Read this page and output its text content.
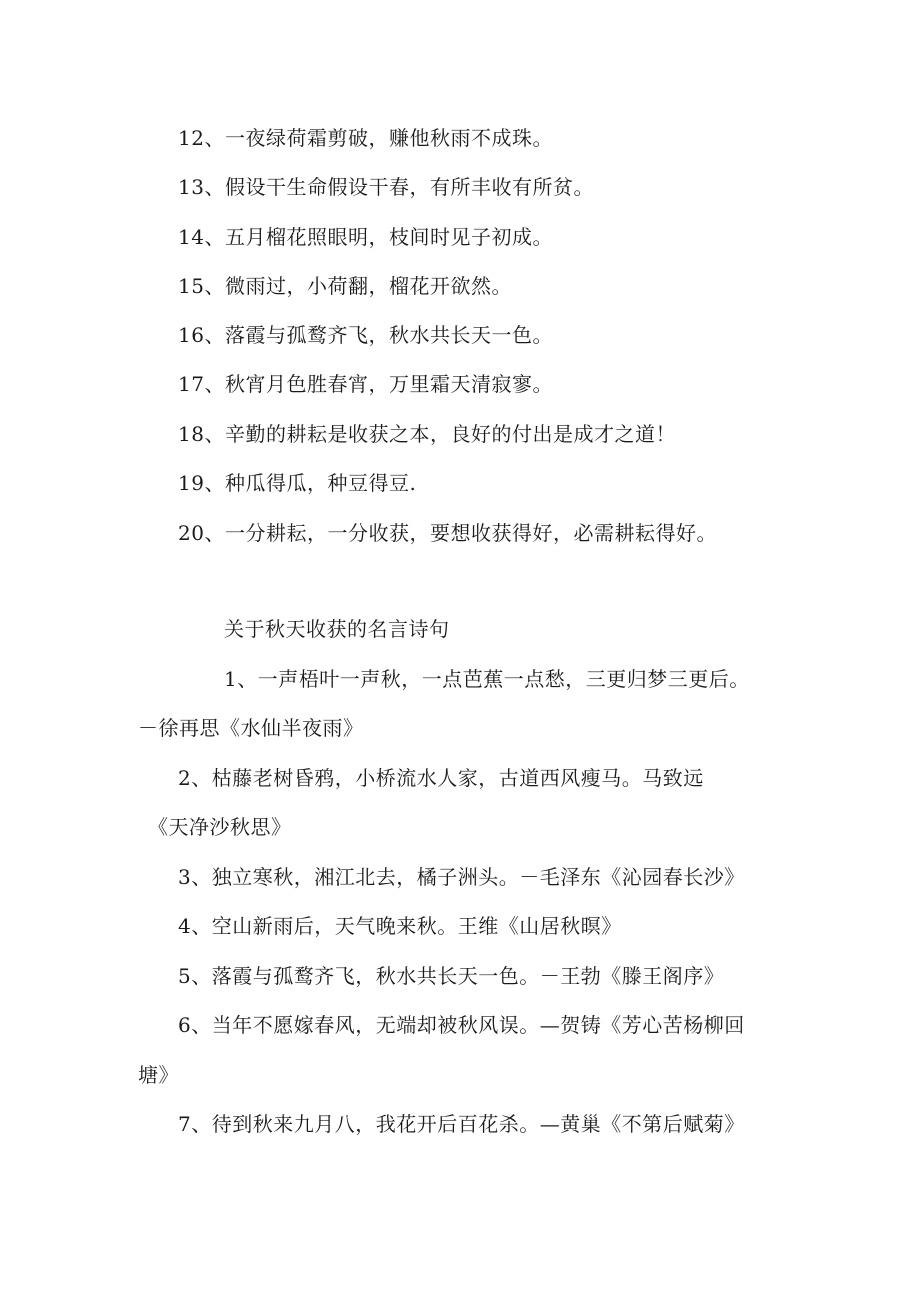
12、一夜绿荷霜剪破，赚他秋雨不成珠。
13、假设干生命假设干春，有所丰收有所贫。
14、五月榴花照眼明，枝间时见子初成。
15、微雨过，小荷翻，榴花开欲然。
16、落霞与孤鹜齐飞，秋水共长天一色。
17、秋宵月色胜春宵，万里霜天清寂寥。
18、辛勤的耕耘是收获之本，良好的付出是成才之道！
19、种瓜得瓜，种豆得豆.
20、一分耕耘，一分收获，要想收获得好，必需耕耘得好。
关于秋天收获的名言诗句
1、一声梧叶一声秋，一点芭蕉一点愁，三更归梦三更后。
－徐再思《水仙半夜雨》
2、枯藤老树昏鸦，小桥流水人家，古道西风瘦马。马致远
《天净沙秋思》
3、独立寒秋，湘江北去，橘子洲头。－毛泽东《沁园春长沙》
4、空山新雨后，天气晚来秋。王维《山居秋暝》
5、落霞与孤鹜齐飞，秋水共长天一色。－王勃《滕王阁序》
6、当年不愿嫁春风，无端却被秋风误。—贺铸《芳心苦杨柳回
塘》
7、待到秋来九月八，我花开后百花杀。—黄巢《不第后赋菊》
